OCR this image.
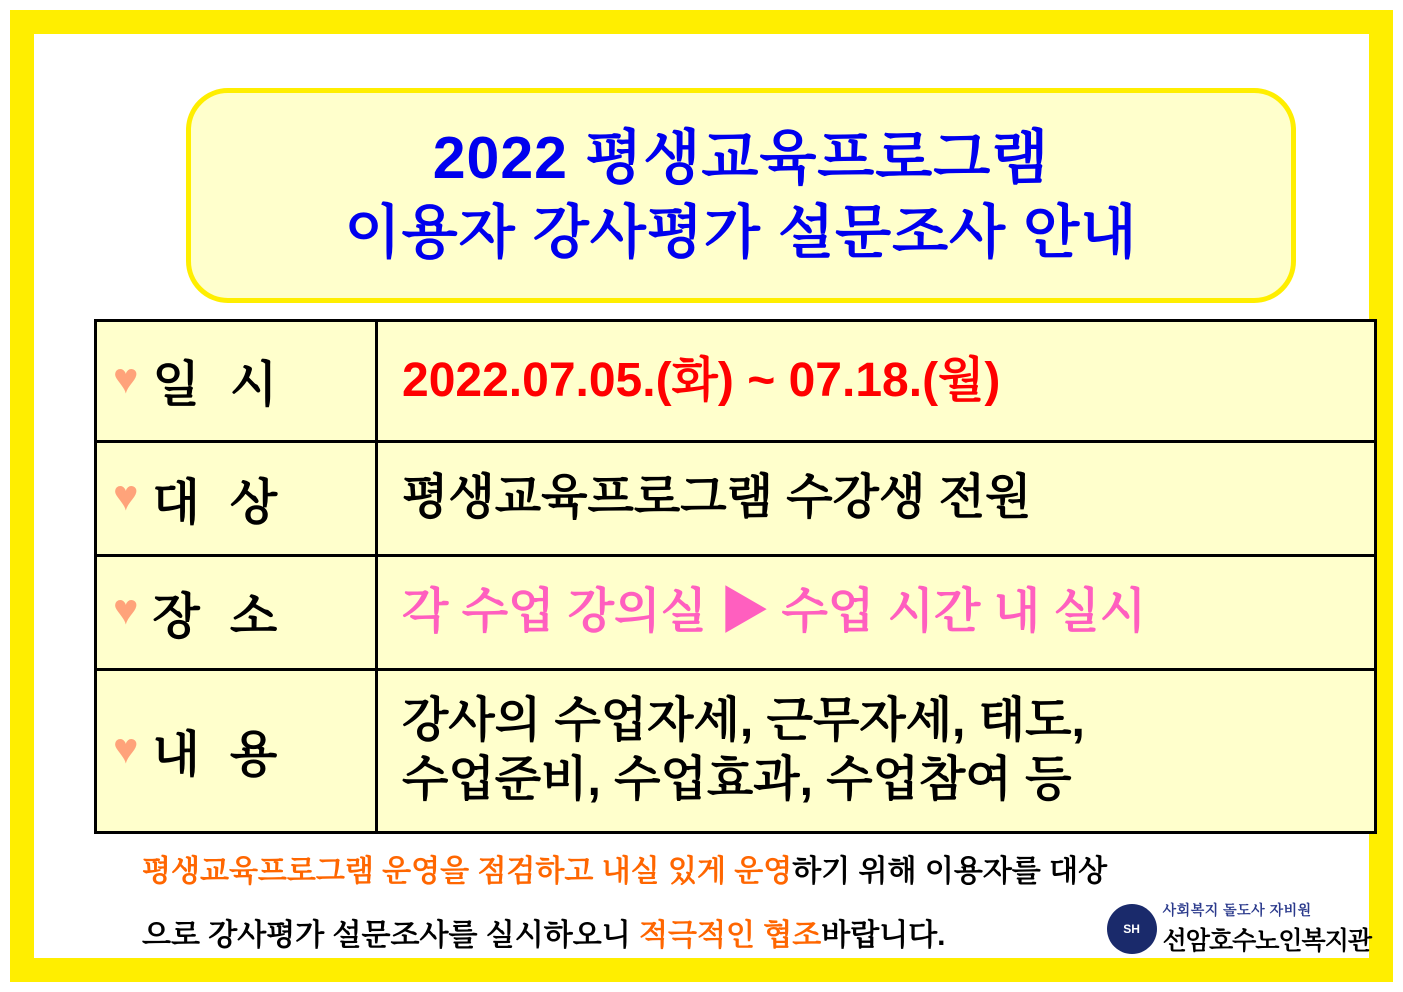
2022 평생교육프로그램
이용자 강사평가 설문조사 안내
♥ 일시 2022.07.05.(화) ~ 07.18.(월)
♥ 대상 평생교육프로그램 수강생 전원
♥ 장소 각 수업 강의실 ▶ 수업 시간 내 실시
♥ 내용
강사의 수업자세, 근무자세, 태도,
수업준비, 수업효과, 수업참여 등
평생교육프로그램 운영을 점검하고 내실 있게 운영하기 위해 이용자를 대상
으로 강사평가 설문조사를 실시하오니 적극적인 협조바랍니다.	SH
사회복지 돌도사 자비원
선암호수노인복지관
